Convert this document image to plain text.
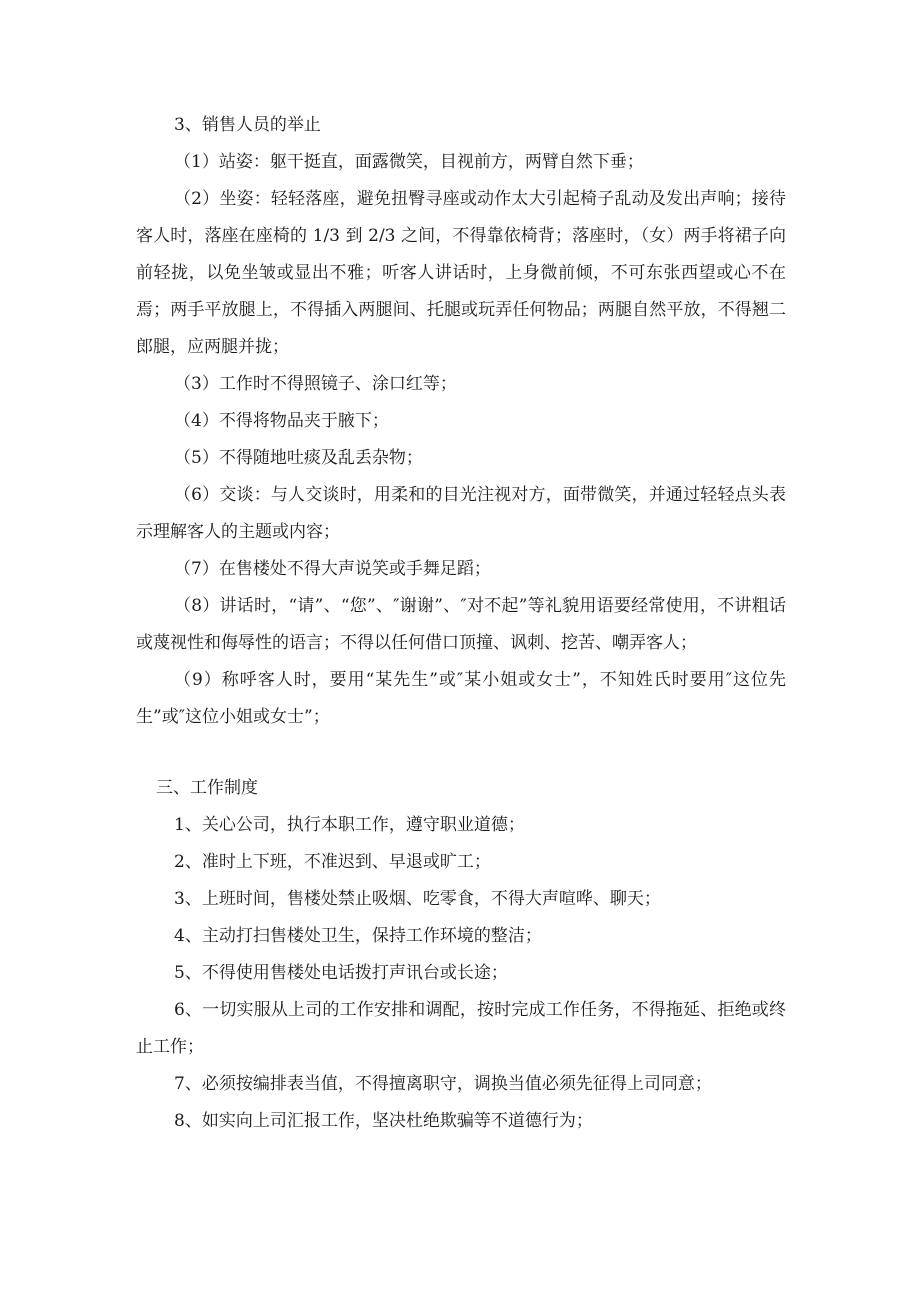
3、销售人员的举止

（1）站姿：躯干挺直，面露微笑，目视前方，两臂自然下垂；

（2）坐姿：轻轻落座，避免扭臀寻座或动作太大引起椅子乱动及发出声响；接待客人时，落座在座椅的 1/3 到 2/3 之间，不得靠依椅背；落座时，（女）两手将裙子向前轻拢，以免坐皱或显出不雅；听客人讲话时，上身微前倾，不可东张西望或心不在焉；两手平放腿上，不得插入两腿间、托腿或玩弄任何物品；两腿自然平放，不得翘二郎腿，应两腿并拢；

（3）工作时不得照镜子、涂口红等；

（4）不得将物品夹于腋下；

（5）不得随地吐痰及乱丢杂物；

（6）交谈：与人交谈时，用柔和的目光注视对方，面带微笑，并通过轻轻点头表示理解客人的主题或内容；

（7）在售楼处不得大声说笑或手舞足蹈；

（8）讲话时，“请”、“您”、″谢谢”、″对不起”等礼貌用语要经常使用，不讲粗话或蔑视性和侮辱性的语言；不得以任何借口顶撞、讽刺、挖苦、嘲弄客人；

（9）称呼客人时，要用“某先生”或″某小姐或女士”，不知姓氏时要用″这位先生”或″这位小姐或女士”；

三、工作制度

1、关心公司，执行本职工作，遵守职业道德；

2、准时上下班，不准迟到、早退或旷工；

3、上班时间，售楼处禁止吸烟、吃零食，不得大声喧哗、聊天；

4、主动打扫售楼处卫生，保持工作环境的整洁；

5、不得使用售楼处电话拨打声讯台或长途；

6、一切实服从上司的工作安排和调配，按时完成工作任务，不得拖延、拒绝或终止工作；

7、必须按编排表当值，不得擅离职守，调换当值必须先征得上司同意；

8、如实向上司汇报工作，坚决杜绝欺骗等不道德行为；
